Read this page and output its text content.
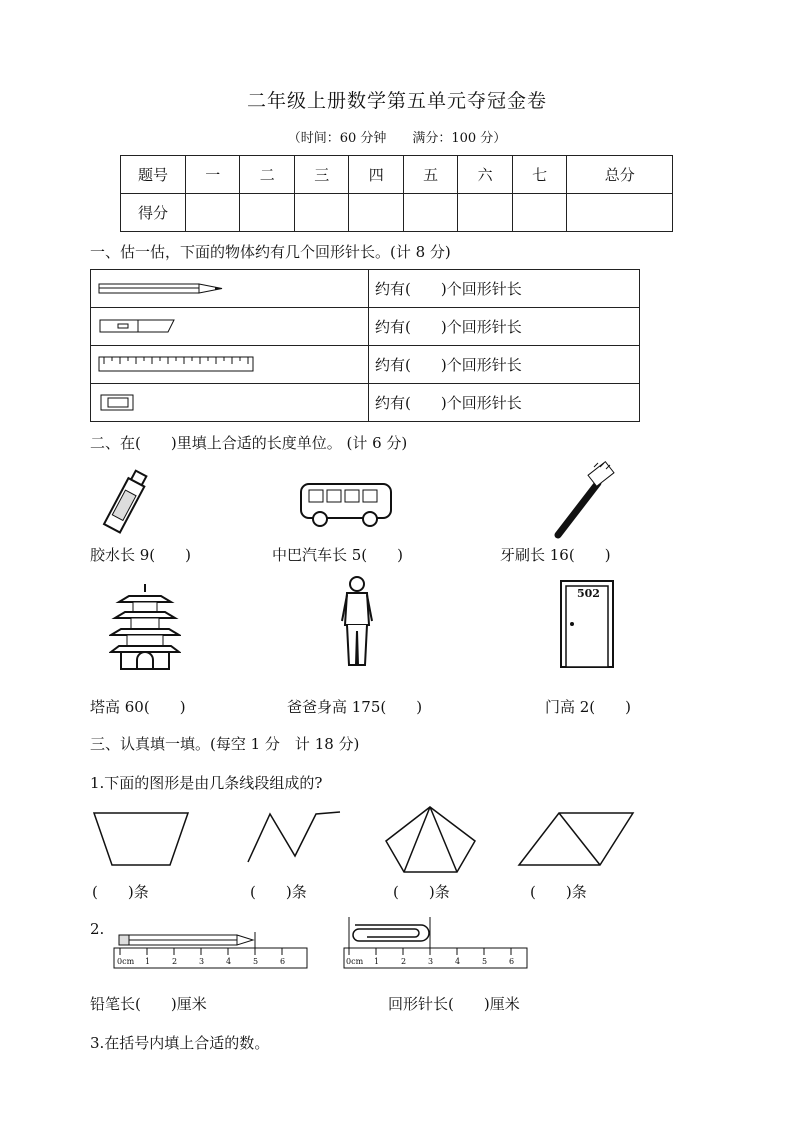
二年级上册数学第五单元夺冠金卷
（时间：60 分钟　　满分：100 分）
题号	一	二	三	四	五	六	七	总分
得分								
一、估一估，下面的物体约有几个回形针长。(计 8 分)
	约有(　　)个回形针长

	约有(　　)个回形针长

	约有(　　)个回形针长

	约有(　　)个回形针长
二、在(　　)里填上合适的长度单位。 (计 6 分)
胶水长 9(　　)	中巴汽车长 5(　　)	牙刷长 16(　　)
塔高 60(　　)	爸爸身高 175(　　)
502
门高 2(　　)
三、认真填一填。(每空 1 分　计 18 分)
1.下面的图形是由几条线段组成的?
(　　)条	(　　)条	(　　)条	(　　)条
2.
0cm 1	2	3	4	5	6	0cm 1	2	3	4	5	6
铅笔长(　　)厘米	回形针长(　　)厘米
3.在括号内填上合适的数。
